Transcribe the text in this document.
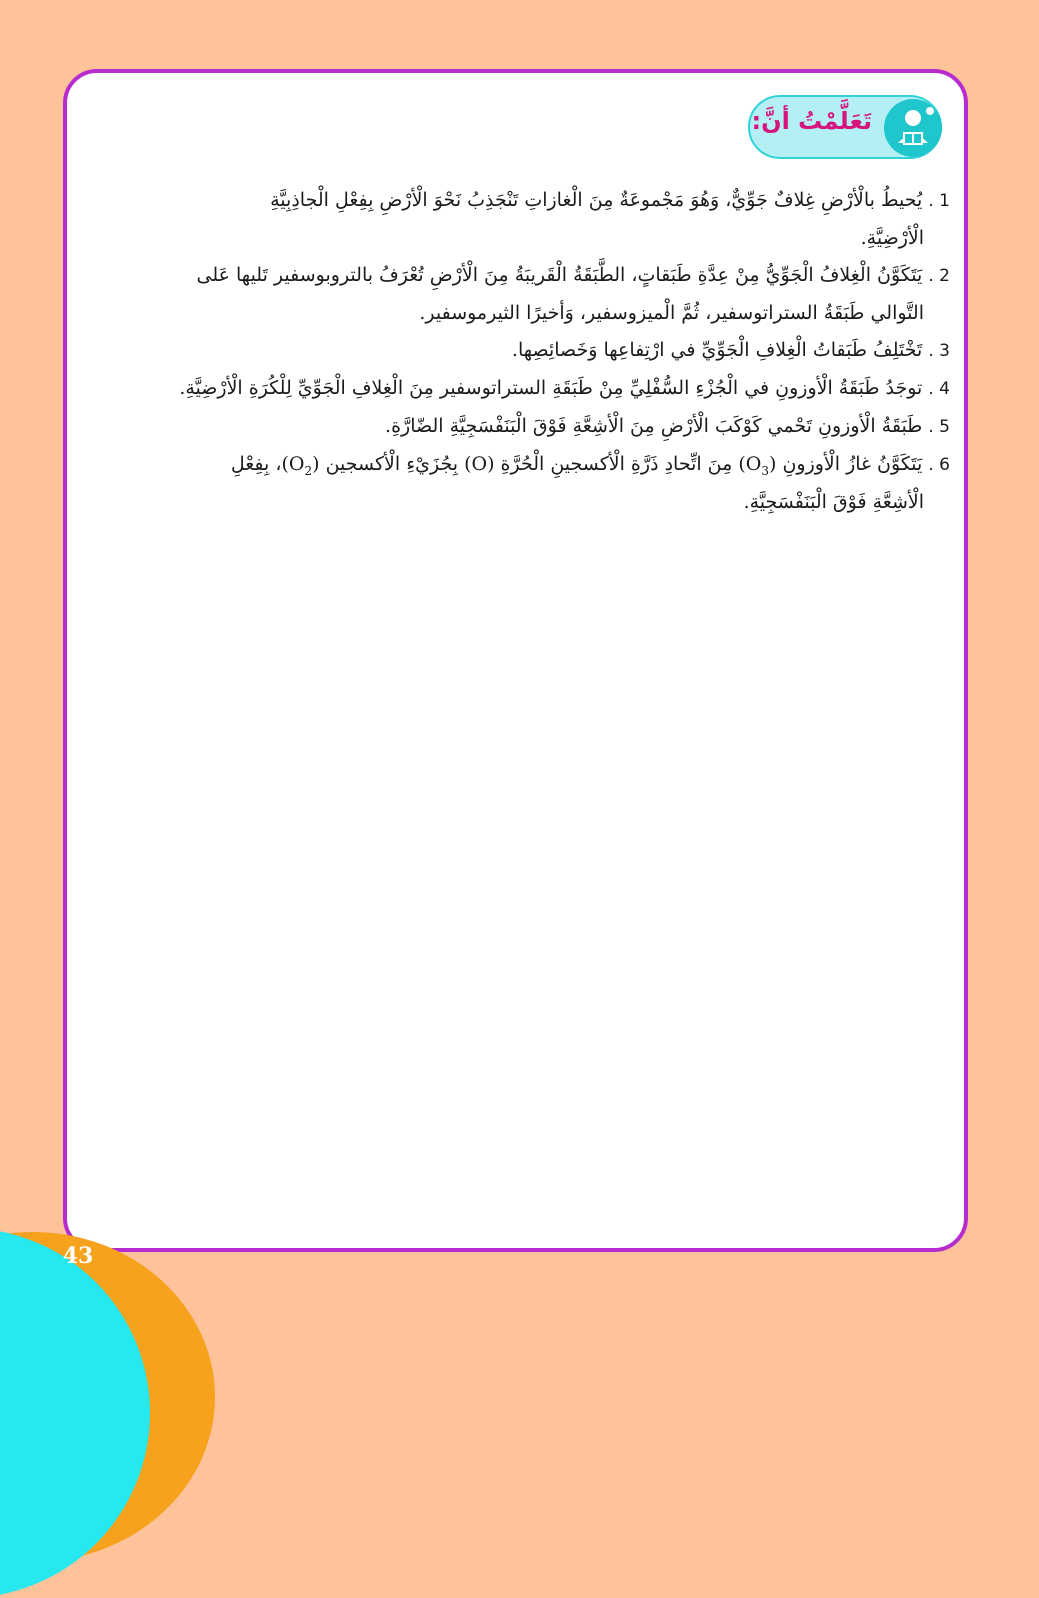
تَعَلَّمْتُ أنَّ:

1 . يُحيطُ بالْأرْضِ غِلافٌ جَوِّيٌّ، وَهُوَ مَجْموعَةٌ مِنَ الْغازاتِ تَنْجَذِبُ نَحْوَ الْأرْضِ بِفِعْلِ الْجاذِبِيَّةِ
الْأرْضِيَّةِ.

2 . يَتَكَوَّنُ الْغِلافُ الْجَوِّيُّ مِنْ عِدَّةِ طَبَقاتٍ، الطَّبَقَةُ الْقَريبَةُ مِنَ الْأرْضِ تُعْرَفُ بالتروبوسفير تَليها عَلى
التَّوالي طَبَقَةُ الستراتوسفير، ثُمَّ الْميزوسفير، وَأخيرًا الثيرموسفير.

3 . تَخْتَلِفُ طَبَقاتُ الْغِلافِ الْجَوِّيِّ في ارْتِفاعِها وَخَصائِصِها.

4 . توجَدُ طَبَقَةُ الْأوزونِ في الْجُزْءِ السُّفْلِيِّ مِنْ طَبَقَةِ الستراتوسفير مِنَ الْغِلافِ الْجَوِّيِّ لِلْكُرَةِ الْأرْضِيَّةِ.

5 . طَبَقَةُ الْأوزونِ تَحْمي كَوْكَبَ الْأرْضِ مِنَ الْأشِعَّةِ فَوْقَ الْبَنَفْسَجِيَّةِ الضّارَّةِ.

6 . يَتَكَوَّنُ غازُ الْأوزونِ $(O_3)$ مِنَ اتِّحادِ ذَرَّةِ الْأكسجينِ الْحُرَّةِ (O) بِجُزَيْءِ الْأكسجين $(O_2)،$ بِفِعْلِ
الْأشِعَّةِ فَوْقَ الْبَنَفْسَجِيَّةِ.

43
